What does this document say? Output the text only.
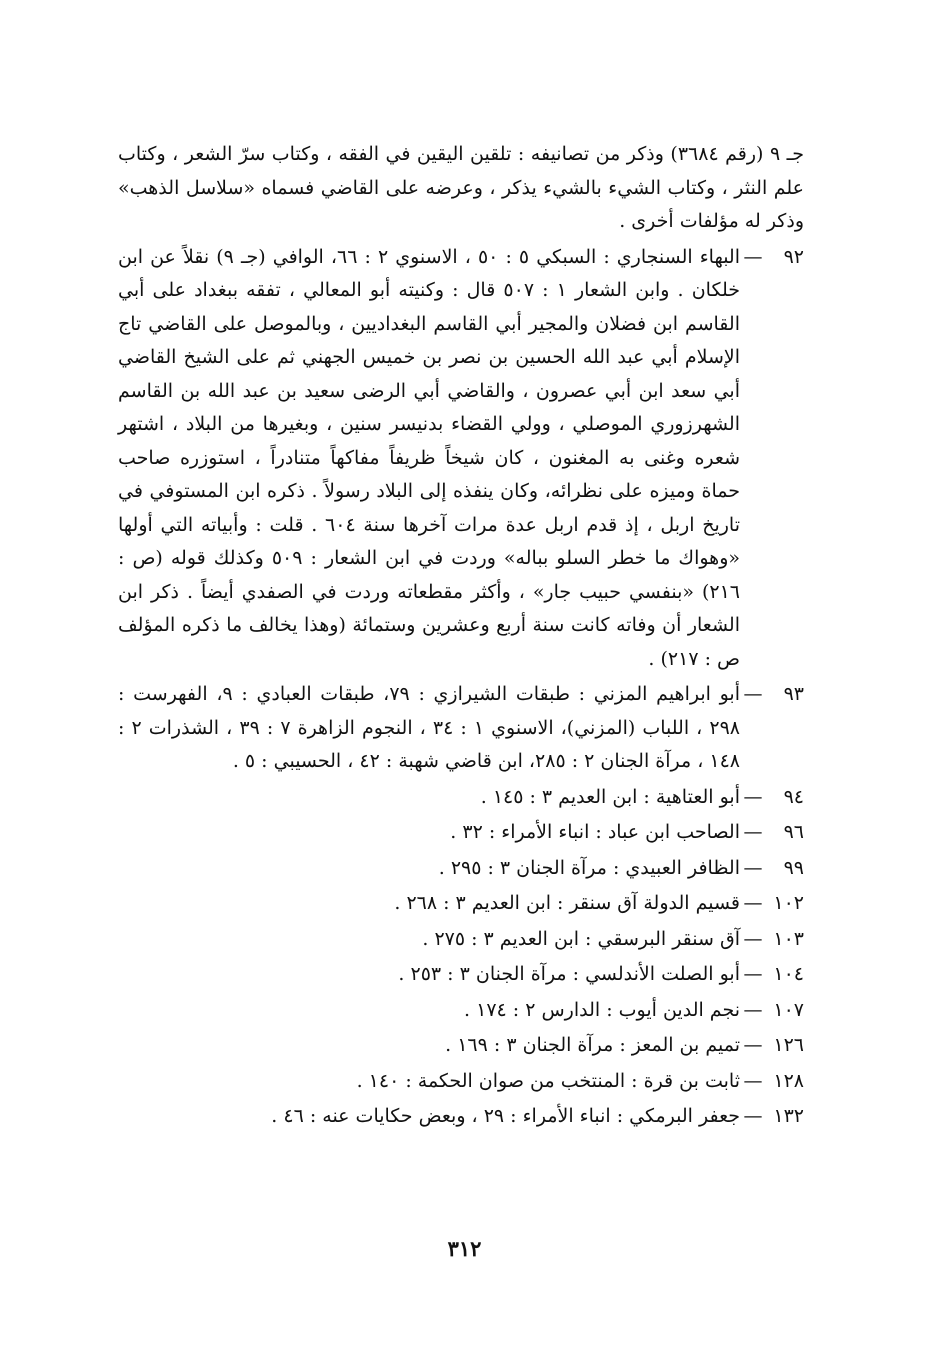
جـ ٩ (رقم ٣٦٨٤) وذكر من تصانيفه : تلقين اليقين في الفقه ، وكتاب سرّ الشعر ، وكتاب علم النثر ، وكتاب الشيء بالشيء يذكر ، وعرضه على القاضي فسماه «سلاسل الذهب» وذكر له مؤلفات أخرى .

٩٢
—
البهاء السنجاري : السبكي ٥ : ٥٠ ، الاسنوي ٢ : ٦٦، الوافي (جـ ٩) نقلاً عن ابن خلكان . وابن الشعار ١ : ٥٠٧ قال : وكنيته أبو المعالي ، تفقه ببغداد على أبي القاسم ابن فضلان والمجير أبي القاسم البغداديين ، وبالموصل على القاضي تاج الإسلام أبي عبد الله الحسين بن نصر بن خميس الجهني ثم على الشيخ القاضي أبي سعد ابن أبي عصرون ، والقاضي أبي الرضى سعيد بن عبد الله بن القاسم الشهرزوري الموصلي ، وولي القضاء بدنيسر سنين ، وبغيرها من البلاد ، اشتهر شعره وغنى به المغنون ، كان شيخاً ظريفاً مفاكهاً متنادراً ، استوزره صاحب حماة وميزه على نظرائه، وكان ينفذه إلى البلاد رسولاً . ذكره ابن المستوفي في تاريخ اربل ، إذ قدم اربل عدة مرات آخرها سنة ٦٠٤ . قلت : وأبياته التي أولها «وهواك ما خطر السلو بباله» وردت في ابن الشعار : ٥٠٩ وكذلك قوله (ص : ٢١٦) «بنفسي حبيب جار» ، وأكثر مقطعاته وردت في الصفدي أيضاً . ذكر ابن الشعار أن وفاته كانت سنة أربع وعشرين وستمائة (وهذا يخالف ما ذكره المؤلف ص : ٢١٧) .
٩٣
—
أبو ابراهيم المزني : طبقات الشيرازي : ٧٩، طبقات العبادي : ٩، الفهرست : ٢٩٨ ، اللباب (المزني)، الاسنوي ١ : ٣٤ ، النجوم الزاهرة ٧ : ٣٩ ، الشذرات ٢ : ١٤٨ ، مرآة الجنان ٢ : ٢٨٥، ابن قاضي شهبة : ٤٢ ، الحسيبي : ٥ .
٩٤
—
أبو العتاهية : ابن العديم ٣ : ١٤٥ .
٩٦
—
الصاحب ابن عباد : انباء الأمراء : ٣٢ .
٩٩
—
الظافر العبيدي : مرآة الجنان ٣ : ٢٩٥ .
١٠٢
—
قسيم الدولة آق سنقر : ابن العديم ٣ : ٢٦٨ .
١٠٣
—
آق سنقر البرسقي : ابن العديم ٣ : ٢٧٥ .
١٠٤
—
أبو الصلت الأندلسي : مرآة الجنان ٣ : ٢٥٣ .
١٠٧
—
نجم الدين أيوب : الدارس ٢ : ١٧٤ .
١٢٦
—
تميم بن المعز : مرآة الجنان ٣ : ١٦٩ .
١٢٨
—
ثابت بن قرة : المنتخب من صوان الحكمة : ١٤٠ .
١٣٢
—
جعفر البرمكي : انباء الأمراء : ٢٩ ، وبعض حكايات عنه : ٤٦ .
٣١٢
